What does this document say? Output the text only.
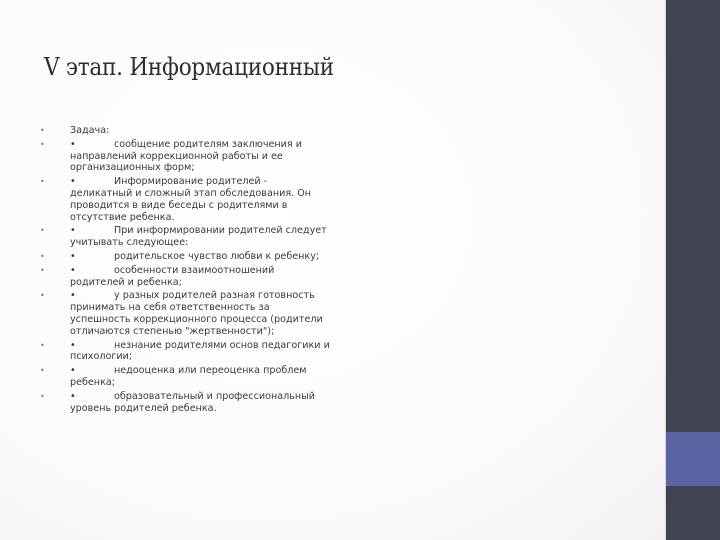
V этап. Информационный
•	Задача:
•	•	сообщение родителям заключения и направлений коррекционной работы и ее организационных форм;
•	•	Информирование родителей - деликатный и сложный этап обследования. Он проводится в виде беседы с родителями в отсутствие ребенка.
•	•	При информировании родителей следует учитывать следующее:
•	•	родительское чувство любви к ребенку;
•	•	особенности взаимоотношений родителей и ребенка;
•	•	у разных родителей разная готовность принимать на себя ответственность за успешность коррекционного процесса (родители отличаются степенью "жертвенности");
•	•	незнание родителями основ педагогики и психологии;
•	•	недооценка или переоценка проблем ребенка;
•	•	образовательный и профессиональный уровень родителей ребенка.
